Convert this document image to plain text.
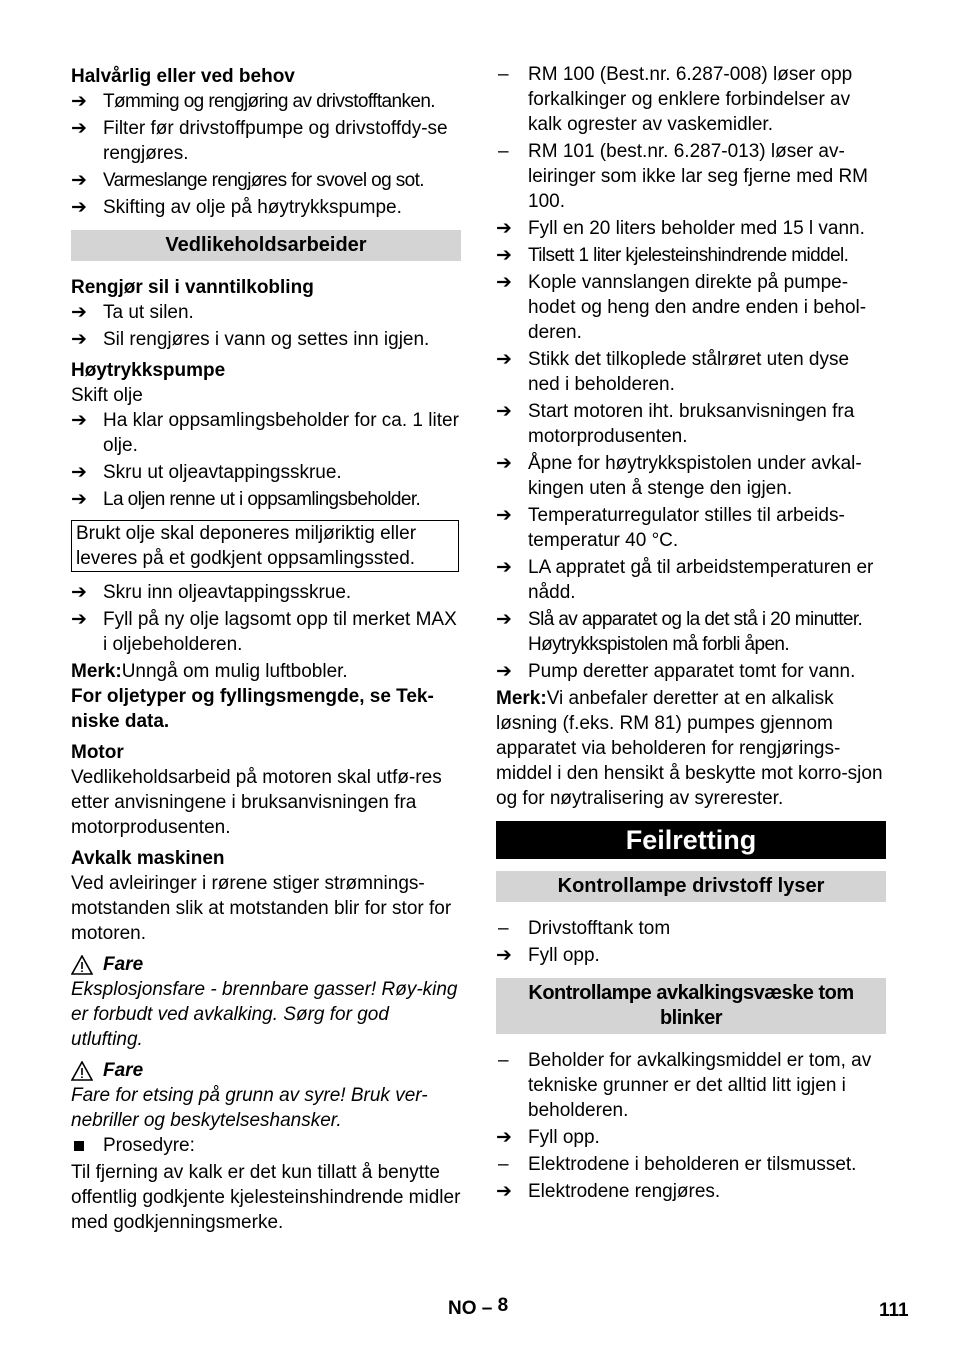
Halvårlig eller ved behov
➔ Tømming og rengjøring av drivstofftanken.
➔ Filter før drivstoffpumpe og drivstoffdy-se rengjøres.
➔ Varmeslange rengjøres for svovel og sot.
➔ Skifting av olje på høytrykkspumpe.
Vedlikeholdsarbeider
Rengjør sil i vanntilkobling
➔ Ta ut silen.
➔ Sil rengjøres i vann og settes inn igjen.
Høytrykkspumpe
Skift olje
➔ Ha klar oppsamlingsbeholder for ca. 1 liter olje.
➔ Skru ut oljeavtappingsskrue.
➔ La oljen renne ut i oppsamlingsbeholder.
Brukt olje skal deponeres miljøriktig eller leveres på et godkjent oppsamlingssted.
➔ Skru inn oljeavtappingsskrue.
➔ Fyll på ny olje lagsomt opp til merket MAX i oljebeholderen.
Merk:Unngå om mulig luftbobler.
For oljetyper og fyllingsmengde, se Tek-niske data.
Motor
Vedlikeholdsarbeid på motoren skal utfø-res etter anvisningene i bruksanvisningen fra motorprodusenten.
Avkalk maskinen
Ved avleiringer i rørene stiger strømnings-motstanden slik at motstanden blir for stor for motoren.
Fare
Eksplosjonsfare - brennbare gasser! Røy-king er forbudt ved avkalking. Sørg for god utlufting.
Fare
Fare for etsing på grunn av syre! Bruk ver-nebriller og beskytelseshansker.
Prosedyre:
Til fjerning av kalk er det kun tillatt å benytte offentlig godkjente kjelesteinshindrende midler med godkjenningsmerke.
– RM 100 (Best.nr. 6.287-008) løser opp forkalkinger og enklere forbindelser av kalk ogrester av vaskemidler.
– RM 101 (best.nr. 6.287-013) løser av-leiringer som ikke lar seg fjerne med RM 100.
➔ Fyll en 20 liters beholder med 15 l vann.
➔ Tilsett 1 liter kjelesteinshindrende middel.
➔ Kople vannslangen direkte på pumpe-hodet og heng den andre enden i behol-deren.
➔ Stikk det tilkoplede stålrøret uten dyse ned i beholderen.
➔ Start motoren iht. bruksanvisningen fra motorprodusenten.
➔ Åpne for høytrykkspistolen under avkal-kingen uten å stenge den igjen.
➔ Temperaturregulator stilles til arbeids-temperatur 40 °C.
➔ LA appratet gå til arbeidstemperaturen er nådd.
➔ Slå av apparatet og la det stå i 20 minutter. Høytrykkspistolen må forbli åpen.
➔ Pump deretter apparatet tomt for vann.
Merk:Vi anbefaler deretter at en alkalisk løsning (f.eks. RM 81) pumpes gjennom apparatet via beholderen for rengjørings-middel i den hensikt å beskytte mot korro-sjon og for nøytralisering av syrerester.
Feilretting
Kontrollampe drivstoff lyser
– Drivstofftank tom
➔ Fyll opp.
Kontrollampe avkalkingsvæske tom blinker
– Beholder for avkalkingsmiddel er tom, av tekniske grunner er det alltid litt igjen i beholderen.
➔ Fyll opp.
– Elektrodene i beholderen er tilsmusset.
➔ Elektrodene rengjøres.
NO – 8	111
